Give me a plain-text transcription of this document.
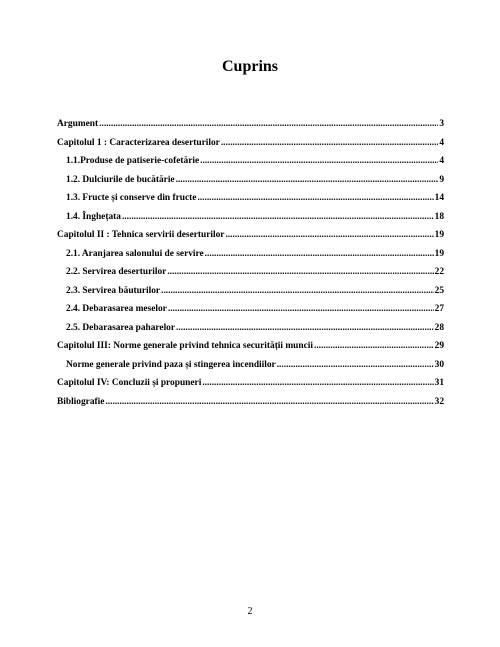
Cuprins
Argument .....	3
Capitolul 1 : Caracterizarea deserturilor .....	4
1.1.Produse de patiserie-cofetărie .....	4
1.2. Dulciurile de bucătărie .....	9
1.3. Fructe și conserve din fructe .....	14
1.4. Înghețata .....	18
Capitolul II : Tehnica servirii deserturilor .....	19
2.1. Aranjarea salonului de servire .....	19
2.2. Servirea deserturilor .....	22
2.3. Servirea băuturilor .....	25
2.4. Debarasarea meselor .....	27
2.5. Debarasarea paharelor .....	28
Capitolul III: Norme generale privind tehnica securității muncii .....	29
Norme generale privind paza și stingerea incendiilor .....	30
Capitolul IV: Concluzii și propuneri .....	31
Bibliografie .....	32
2
